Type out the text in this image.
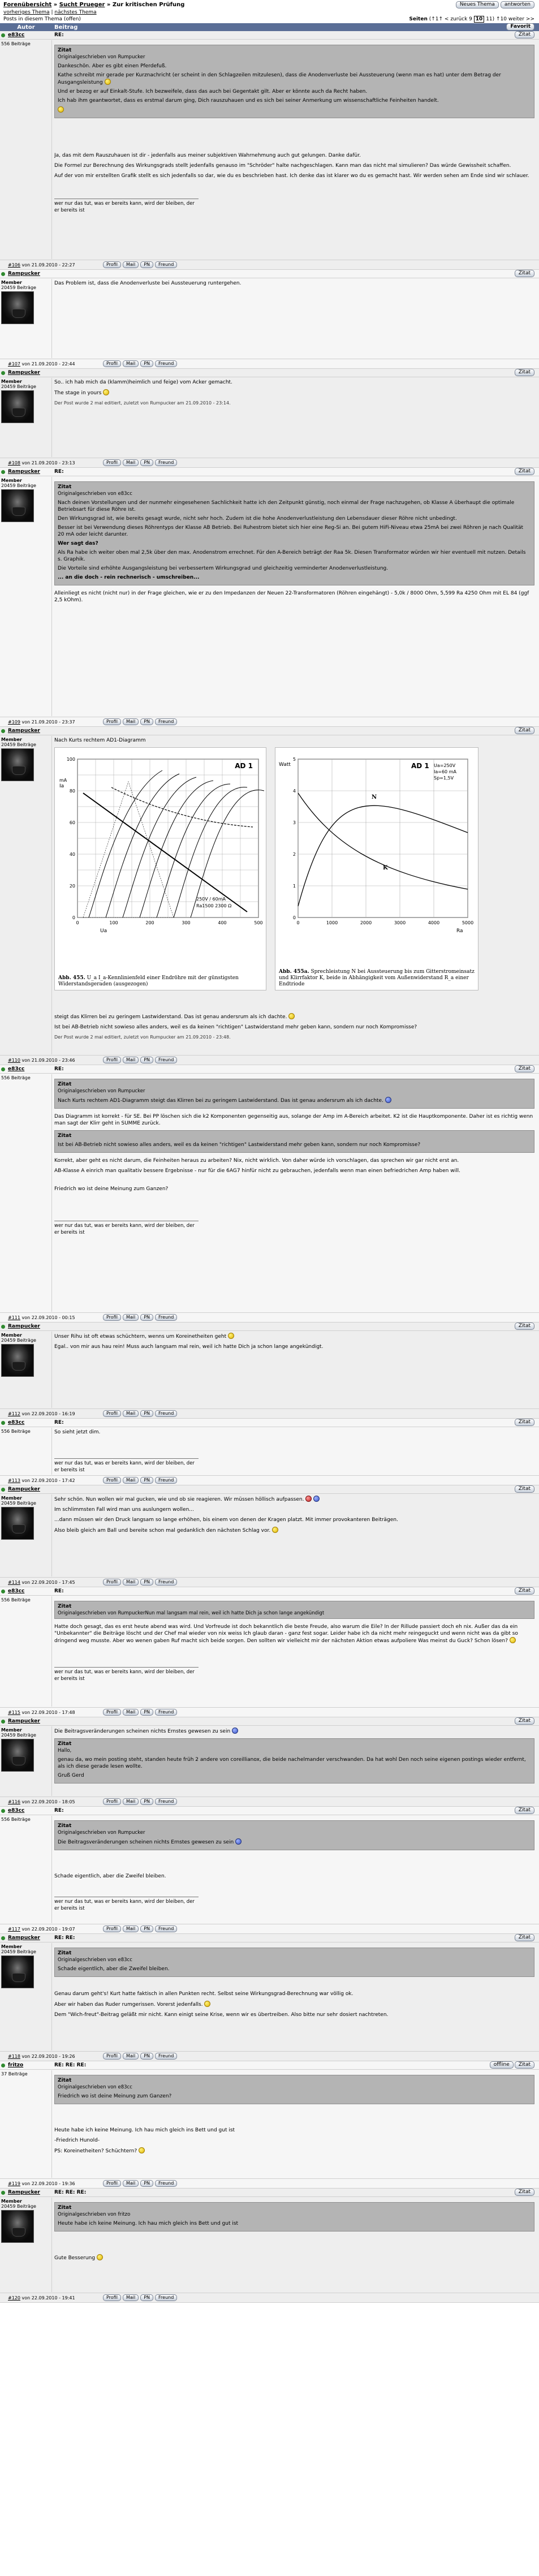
Forenübersicht » Sucht Prueger » Zur kritischen Prüfung	Neues Thema	antworten
vorheriges Thema | nächstes Thema
Posts in diesem Thema (offen)	Seiten (↑1↑ < zurück 9 10 11) ↑10 weiter >>
Autor	Beitrag	Favorit
e83cc	RE:	Zitat
556 Beiträge
Zitat
Originalgeschrieben von Rumpucker

Dankeschön. Aber es gibt einen Pferdefuß.

Kathe schreibt mir gerade per Kurznachricht (er scheint in den Schlagzeilen mitzulesen), dass die Anodenverluste bei Aussteuerung (wenn man es hat) unter dem Betrag der Ausgangsleistung

Und er bezog er auf Einkalt-Stufe. Ich bezweifele, dass das auch bei Gegentakt gilt. Aber er könnte auch da Recht haben.

Ich hab ihm geantwortet, dass es erstmal darum ging, Dich rauszuhauen und es sich bei seiner Anmerkung um wissenschaftliche Feinheiten handelt.

Ja, das mit dem Rauszuhauen ist dir - jedenfalls aus meiner subjektiven Wahrnehmung auch gut gelungen. Danke dafür.

Die Formel zur Berechnung des Wirkungsgrads stellt jedenfalls genauso im "Schröder" halte nachgeschlagen. Kann man das nicht mal simulieren? Das würde Gewissheit schaffen.

Auf der von mir erstellten Grafik stellt es sich jedenfalls so dar, wie du es beschrieben hast. Ich denke das ist klarer wo du es gemacht hast. Wir werden sehen am Ende sind wir schlauer.

wer nur das tut, was er bereits kann, wird der bleiben, der er bereits ist
#106 von 21.09.2010 - 22:27	Profil	Mail	PN	Freund
Rampucker	Zitat
Member
20459 Beiträge

Das Problem ist, dass die Anodenverluste bei Aussteuerung runtergehen.

#107 von 21.09.2010 - 22:44	Profil	Mail	PN	Freund
Rampucker	Zitat
Member
20459 Beiträge

So.. ich hab mich da (klamm)heimlich und feige) vom Acker gemacht.

The stage in yours

Der Post wurde 2 mal editiert, zuletzt von Rumpucker am 21.09.2010 - 23:14.

#108 von 21.09.2010 - 23:13	Profil	Mail	PN	Freund
Rampucker	RE:	Zitat
Member
20459 Beiträge	Zitat
Originalgeschrieben von e83cc

Nach deinen Vorstellungen und der nunmehr eingesehenen Sachlichkeit hatte ich den Zeitpunkt günstig, noch einmal der Frage nachzugehen, ob Klasse A überhaupt die optimale Betriebsart für diese Röhre ist.

Den Wirkungsgrad ist, wie bereits gesagt wurde, nicht sehr hoch. Zudem ist die hohe Anodenverlustleistung den Lebensdauer dieser Röhre nicht unbedingt.

Besser ist bei Verwendung dieses Röhrentyps der Klasse AB Betrieb. Bei Ruhestrom bietet sich hier eine Reg-Si an. Bei gutem HiFi-Niveau etwa 25mA bei zwei Röhren je nach Qualität 20 mA oder leicht darunter.

Wer sagt das?

Als Ra habe ich weiter oben mal 2,5k über den max. Anodenstrom errechnet. Für den A-Bereich beträgt der Raa 5k. Diesen Transformator würden wir hier eventuell mit nutzen. Details s. Graphik.

Die Vorteile sind erhöhte Ausgangsleistung bei verbessertem Wirkungsgrad und gleichzeitig verminderter Anodenverlustleistung.

... an die doch - rein rechnerisch - umschreiben...

Alleinliegt es nicht (nicht nur) in der Frage gleichen, wie er zu den Impedanzen der Neuen 22-Transformatoren (Röhren eingehängt) - 5,0k / 8000 Ohm, 5,599 Ra 4250 Ohm mit EL 84 (ggf 2,5 kOhm).

#109 von 21.09.2010 - 23:37	Profil	Mail	PN	Freund
Rampucker	Zitat
Member
20459 Beiträge

Nach Kurts rechtem AD1-Diagramm

0	100	200	300	400	500
0
20
40
60
80
100
AD 1
Ua
Ia
mA
250V / 60mA
Ra1500 2300 Ω
Abb. 455. U_a I_a-Kennlinienfeld einer Endröhre mit der günstigsten Widerstandsgeraden (ausgezogen)
0	1000	2000	3000	4000	5000
0
1
2
3
4
5
AD 1 Ua=250V
Ia=60 mA
Sp=1,5V
Ra
Watt
N
K
Abb. 455a. Sprechleistung N bei Aussteuerung bis zum Gitterstromeinsatz und Klirrfaktor K, beide in Abhängigkeit vom Außenwiderstand R_a einer Endtriode

steigt das Klirren bei zu geringem Lastwiderstand. Das ist genau andersrum als ich dachte.

Ist bei AB-Betrieb nicht sowieso alles anders, weil es da keinen "richtigen" Lastwiderstand mehr geben kann, sondern nur noch Kompromisse?

Der Post wurde 2 mal editiert, zuletzt von Rumpucker am 21.09.2010 - 23:48.

#110 von 21.09.2010 - 23:46	Profil	Mail	PN	Freund
e83cc	RE:	Zitat
556 Beiträge
Zitat
Originalgeschrieben von Rumpucker

Nach Kurts rechtem AD1-Diagramm steigt das Klirren bei zu geringem Lastwiderstand. Das ist genau andersrum als ich dachte.

Das Diagramm ist korrekt - für SE. Bei PP löschen sich die k2 Komponenten gegenseitig aus, solange der Amp im A-Bereich arbeitet. K2 ist die Hauptkomponente. Daher ist es richtig wenn man sagt der Klirr geht in SUMME zurück.

Zitat

Ist bei AB-Betrieb nicht sowieso alles anders, weil es da keinen "richtigen" Lastwiderstand mehr geben kann, sondern nur noch Kompromisse?

Korrekt, aber geht es nicht darum, die Feinheiten heraus zu arbeiten? Nix, nicht wirklich. Von daher würde ich vorschlagen, das sprechen wir gar nicht erst an.

AB-Klasse A einrich man qualitativ bessere Ergebnisse - nur für die 6AG7 hinfür nicht zu gebrauchen, jedenfalls wenn man einen befriedrichen Amp haben will.

Friedrich wo ist deine Meinung zum Ganzen?

wer nur das tut, was er bereits kann, wird der bleiben, der er bereits ist
#111 von 22.09.2010 - 00:15	Profil	Mail	PN	Freund
Rampucker	Zitat
Member
20459 Beiträge

Unser Rihu ist oft etwas schüchtern, wenns um Koreinetheiten geht

Egal.. von mir aus hau rein! Muss auch langsam mal rein, weil ich hatte Dich ja schon lange angekündigt.

#112 von 22.09.2010 - 16:19	Profil	Mail	PN	Freund
e83cc	RE:	Zitat
556 Beiträge	So sieht jetzt dim.

wer nur das tut, was er bereits kann, wird der bleiben, der er bereits ist
#113 von 22.09.2010 - 17:42	Profil	Mail	PN	Freund
Rampucker	Zitat
Member
20459 Beiträge

Sehr schön. Nun wollen wir mal gucken, wie und ob sie reagieren. Wir müssen höllisch aufpassen.

Im schlimmsten Fall wird man uns auslungern wollen...

...dann müssen wir den Druck langsam so lange erhöhen, bis einem von denen der Kragen platzt. Mit immer provokanteren Beiträgen.

Also bleib gleich am Ball und bereite schon mal gedanklich den nächsten Schlag vor.

#114 von 22.09.2010 - 17:45	Profil	Mail	PN	Freund
e83cc	RE:	Zitat
556 Beiträge
Zitat
Originalgeschrieben von RumpuckerNun mal langsam mal rein, weil ich hatte Dich ja schon lange angekündigt

Hatte doch gesagt, das es erst heute abend was wird. Und Vorfreude ist doch bekanntlich die beste Freude, also warum die Eile? In der Rillude passiert doch eh nix. Außer das da ein "Unbekannter" die Beiträge löscht und der Chef mal wieder von nix weiss Ich glaub daran - ganz fest sogar. Leider habe ich da nicht mehr reingeguckt und wenn nicht was da gibt so dringend weg musste. Aber wo wenen gaben Ruf macht sich beide sorgen. Den sollten wir vielleicht mir der nächsten Aktion etwas aufpoliere Was meinst du Guck? Schon lösen?

wer nur das tut, was er bereits kann, wird der bleiben, der er bereits ist
#115 von 22.09.2010 - 17:48	Profil	Mail	PN	Freund
Rampucker	Zitat
Member
20459 Beiträge

Die Beitragsveränderungen scheinen nichts Ernstes gewesen zu sein

Zitat
Hallo,

genau da, wo mein posting steht, standen heute früh 2 andere von coreillianox, die beide nachelmander verschwanden. Da hat wohl Den noch seine eigenen postings wieder entfernt, als ich diese gerade lesen wollte.

Gruß Gerd

#116 von 22.09.2010 - 18:05	Profil	Mail	PN	Freund
e83cc	RE:	Zitat
556 Beiträge
Zitat
Originalgeschrieben von Rumpucker

Die Beitragsveränderungen scheinen nichts Ernstes gewesen zu sein

Schade eigentlich, aber die Zweifel bleiben.

wer nur das tut, was er bereits kann, wird der bleiben, der er bereits ist
#117 von 22.09.2010 - 19:07	Profil	Mail	PN	Freund
Rampucker	RE: RE:	Zitat
Member
20459 Beiträge	Zitat
Originalgeschrieben von e83cc

Schade eigentlich, aber die Zweifel bleiben.

Genau darum geht's! Kurt hatte faktisch in allen Punkten recht. Selbst seine Wirkungsgrad-Berechnung war völlig ok.

Aber wir haben das Ruder rumgerissen. Vorerst jedenfalls.

Dem "Wich-freut"-Beitrag geläßt mir nicht. Kann einigt seine Krise, wenn wir es übertreiben. Also bitte nur sehr dosiert nachtreten.

#118 von 22.09.2010 - 19:26	Profil	Mail	PN	Freund
fritzo	RE: RE: RE:	offline	Zitat
37 Beiträge
Zitat
Originalgeschrieben von e83cc

Friedrich wo ist deine Meinung zum Ganzen?

Heute habe ich keine Meinung. Ich hau mich gleich ins Bett und gut ist

-Friedrich Hunold-

PS: Koreinetheiten? Schüchtern?

#119 von 22.09.2010 - 19:36	Profil	Mail	PN	Freund
Rampucker	RE: RE: RE:	Zitat
Member
20459 Beiträge	Zitat
Originalgeschrieben von fritzo

Heute habe ich keine Meinung. Ich hau mich gleich ins Bett und gut ist

Gute Besserung

#120 von 22.09.2010 - 19:41	Profil	Mail	PN	Freund
